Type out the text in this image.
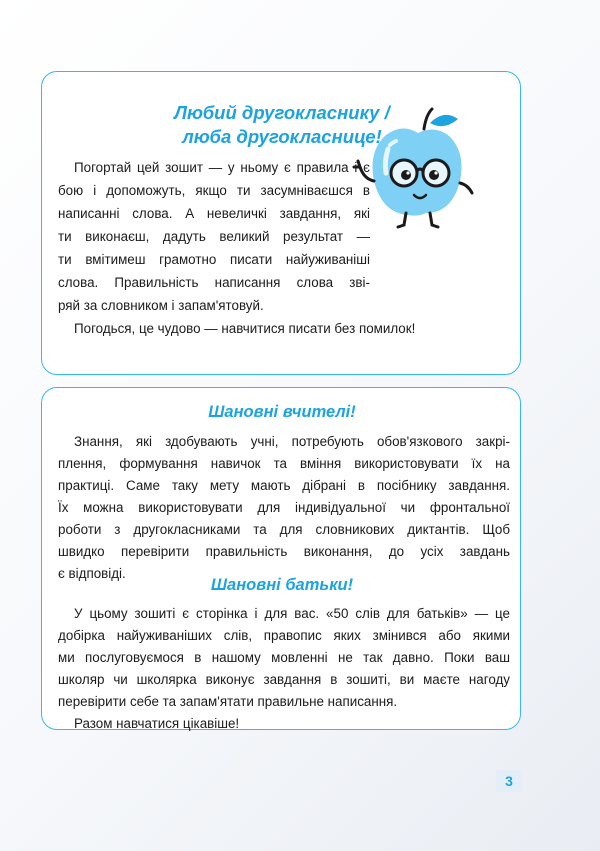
Любий другокласнику /
люба другокласнице!
Погортай цей зошит — у ньому є правила і є
бою і допоможуть, якщо ти засумніваєшся в
написанні слова. А невеличкі завдання, які
ти виконаєш, дадуть великий результат —
ти вмітимеш грамотно писати найуживаніші
слова. Правильність написання слова зві-
ряй за словником і запам'ятовуй.
Погодься, це чудово — навчитися писати без помилок!
Шановні вчителі!
Шановні батьки!
Знання, які здобувають учні, потребують обов'язкового закрі-
плення, формування навичок та вміння використовувати їх на
практиці. Саме таку мету мають дібрані в посібнику завдання.
Їх можна використовувати для індивідуальної чи фронтальної
роботи з другокласниками та для словникових диктантів. Щоб
швидко перевірити правильність виконання, до усіх завдань
є відповіді.
У цьому зошиті є сторінка і для вас. «50 слів для батьків» — це
добірка найуживаніших слів, правопис яких змінився або якими
ми послуговуємося в нашому мовленні не так давно. Поки ваш
школяр чи школярка виконує завдання в зошиті, ви маєте нагоду
перевірити себе та запам'ятати правильне написання.
Разом навчатися цікавіше!
3
